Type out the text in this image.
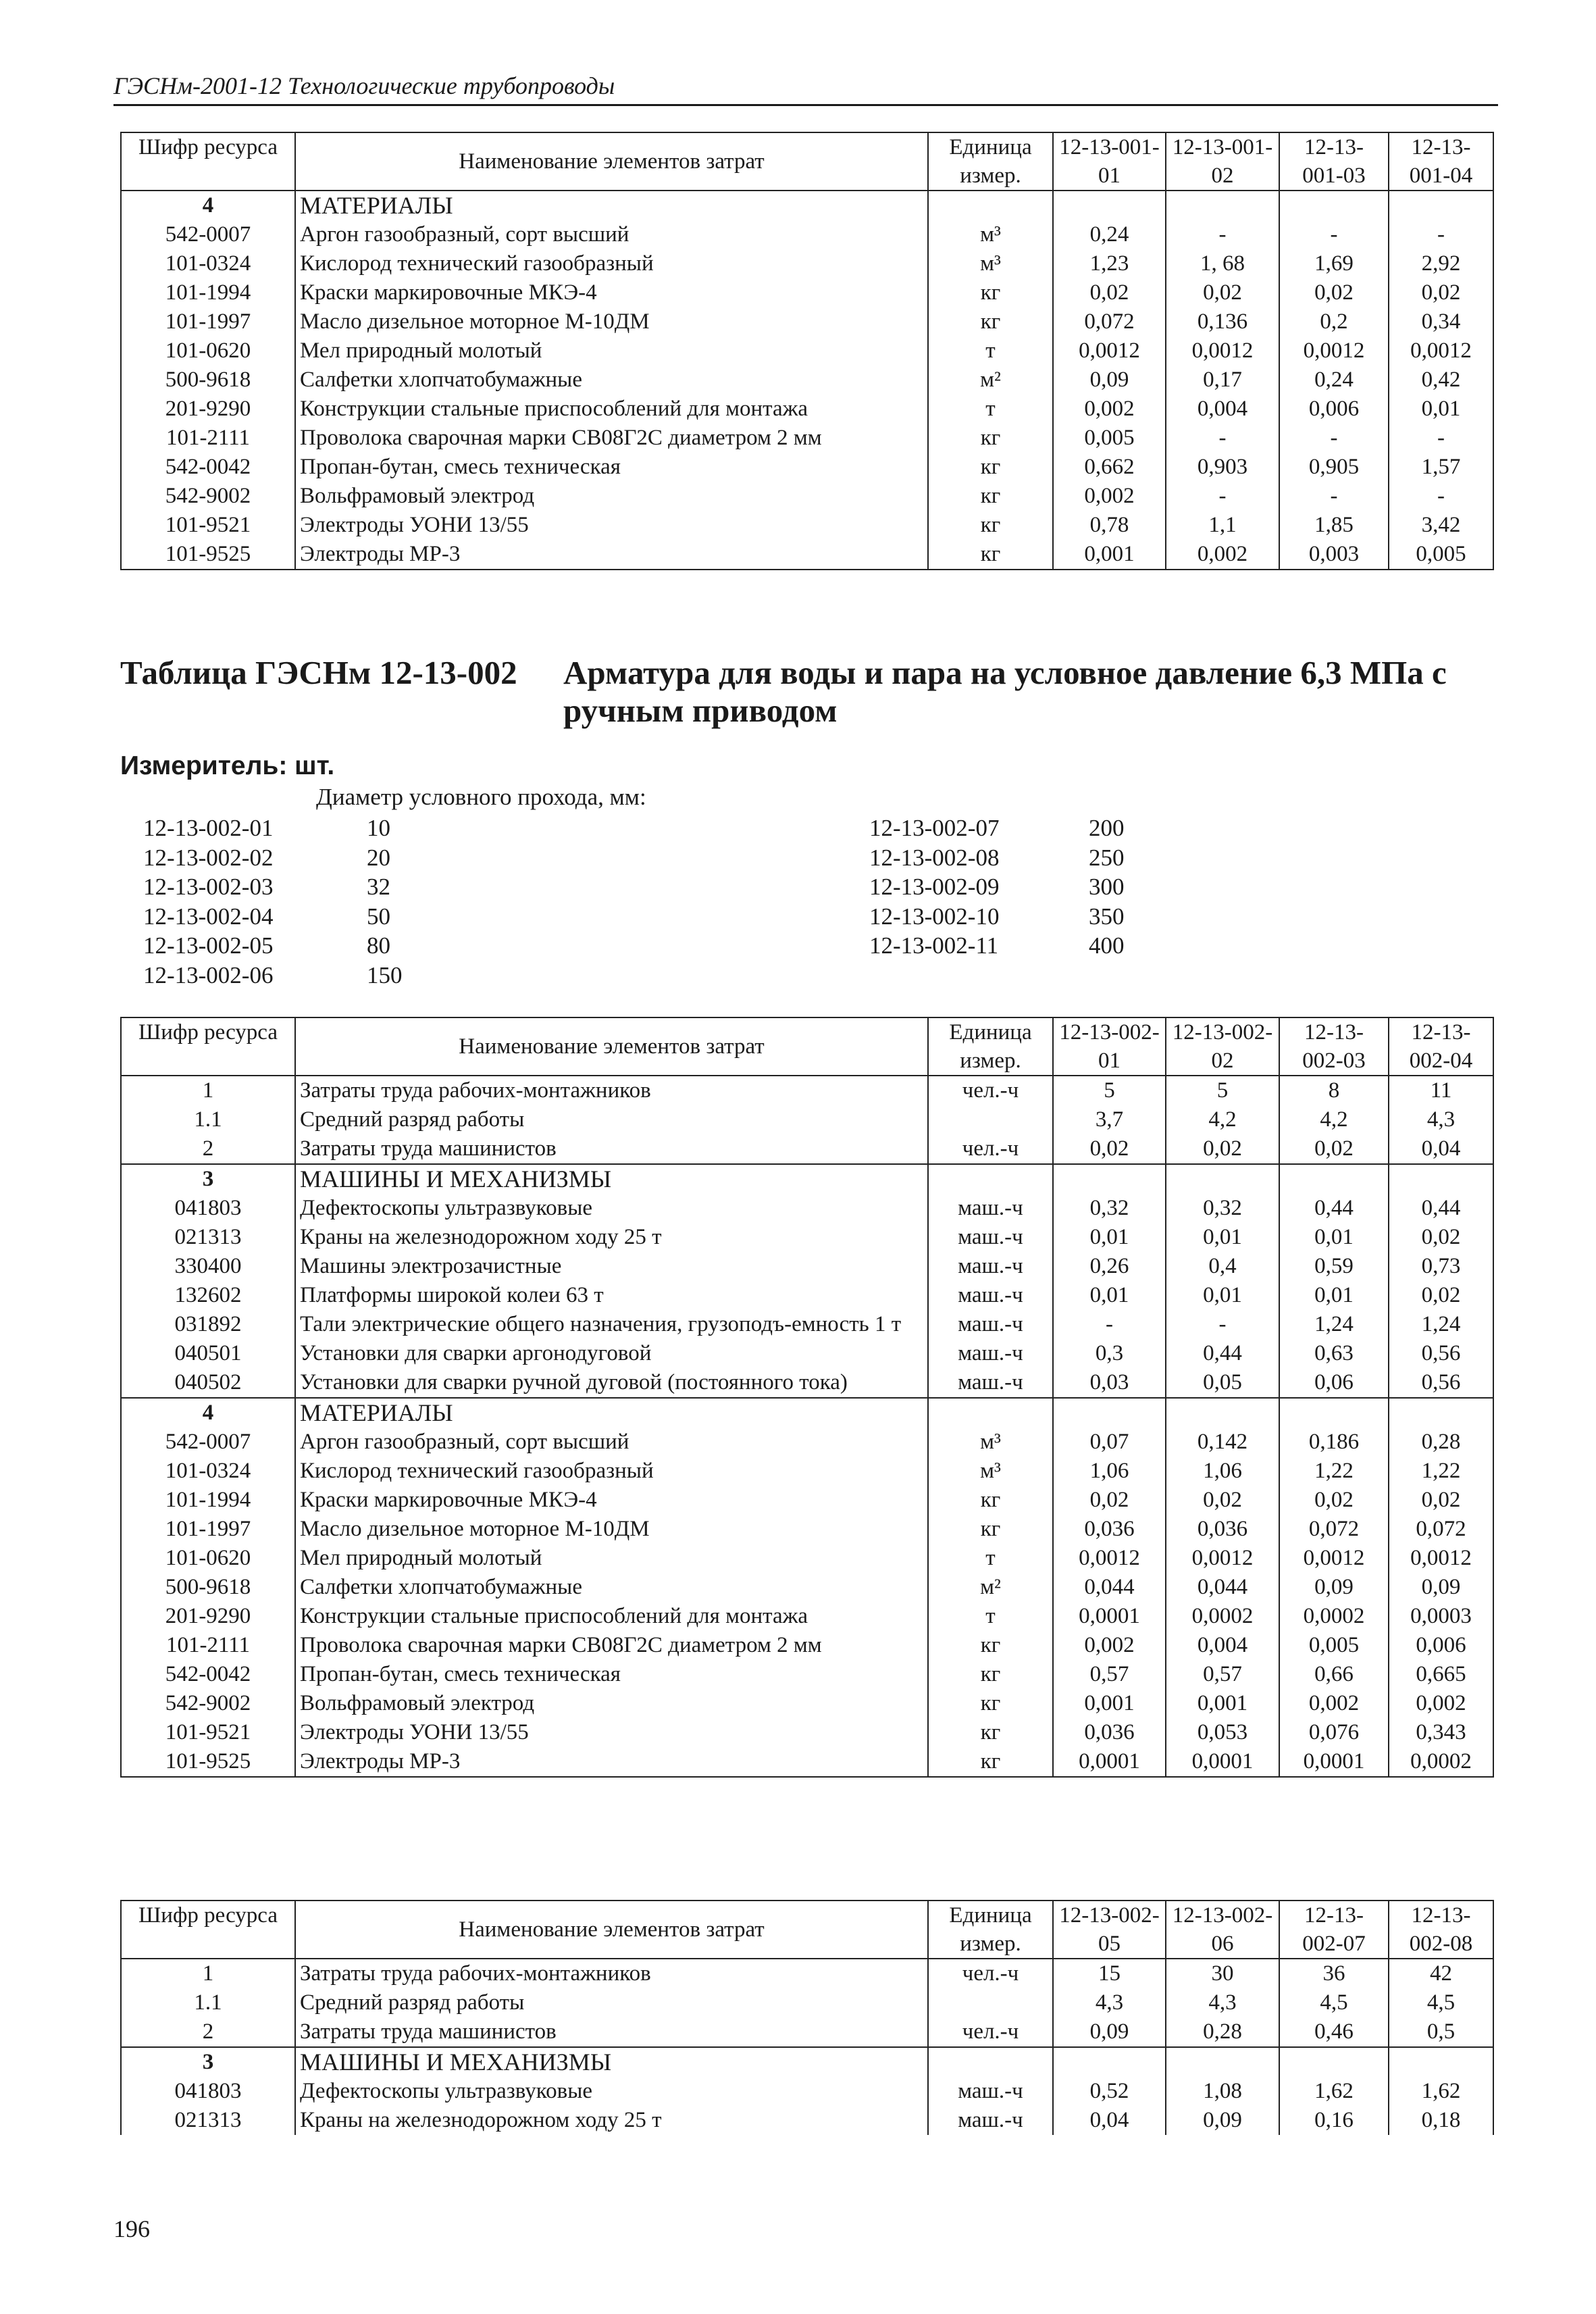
ГЭСНм-2001-12 Технологические трубопроводы
Шифр ресурса	Наименование элементов затрат	Единица измер.	12-13-001-01	12-13-001-02	12-13-001-03	12-13-001-04
4	МАТЕРИАЛЫ					
542-0007	Аргон газообразный, сорт высший	м³	0,24	-	-	-
101-0324	Кислород технический газообразный	м³	1,23	1, 68	1,69	2,92
101-1994	Краски маркировочные МКЭ-4	кг	0,02	0,02	0,02	0,02
101-1997	Масло дизельное моторное М-10ДМ	кг	0,072	0,136	0,2	0,34
101-0620	Мел природный молотый	т	0,0012	0,0012	0,0012	0,0012
500-9618	Салфетки хлопчатобумажные	м²	0,09	0,17	0,24	0,42
201-9290	Конструкции стальные приспособлений для монтажа	т	0,002	0,004	0,006	0,01
101-2111	Проволока сварочная марки СВ08Г2С диаметром 2 мм	кг	0,005	-	-	-
542-0042	Пропан-бутан, смесь техническая	кг	0,662	0,903	0,905	1,57
542-9002	Вольфрамовый электрод	кг	0,002	-	-	-
101-9521	Электроды УОНИ 13/55	кг	0,78	1,1	1,85	3,42
101-9525	Электроды МР-3	кг	0,001	0,002	0,003	0,005
Таблица ГЭСНм 12-13-002 Арматура для воды и пара на условное давление 6,3 МПа с ручным приводом
Измеритель: шт.
Диаметр условного прохода, мм:
12-13-002-01	10
12-13-002-02	20
12-13-002-03	32
12-13-002-04	50
12-13-002-05	80
12-13-002-06	150
12-13-002-07	200
12-13-002-08	250
12-13-002-09	300
12-13-002-10	350
12-13-002-11	400
Шифр ресурса	Наименование элементов затрат	Единица измер.	12-13-002-01	12-13-002-02	12-13-002-03	12-13-002-04
1	Затраты труда рабочих-монтажников	чел.-ч	5	5	8	11
1.1	Средний разряд работы		3,7	4,2	4,2	4,3
2	Затраты труда машинистов	чел.-ч	0,02	0,02	0,02	0,04
3	МАШИНЫ И МЕХАНИЗМЫ					
041803	Дефектоскопы ультразвуковые	маш.-ч	0,32	0,32	0,44	0,44
021313	Краны на железнодорожном ходу 25 т	маш.-ч	0,01	0,01	0,01	0,02
330400	Машины электрозачистные	маш.-ч	0,26	0,4	0,59	0,73
132602	Платформы широкой колеи 63 т	маш.-ч	0,01	0,01	0,01	0,02
031892	Тали электрические общего назначения, грузоподъ-емность 1 т	маш.-ч	-	-	1,24	1,24
040501	Установки для сварки аргонодуговой	маш.-ч	0,3	0,44	0,63	0,56
040502	Установки для сварки ручной дуговой (постоянного тока)	маш.-ч	0,03	0,05	0,06	0,56
4	МАТЕРИАЛЫ					
542-0007	Аргон газообразный, сорт высший	м³	0,07	0,142	0,186	0,28
101-0324	Кислород технический газообразный	м³	1,06	1,06	1,22	1,22
101-1994	Краски маркировочные МКЭ-4	кг	0,02	0,02	0,02	0,02
101-1997	Масло дизельное моторное М-10ДМ	кг	0,036	0,036	0,072	0,072
101-0620	Мел природный молотый	т	0,0012	0,0012	0,0012	0,0012
500-9618	Салфетки хлопчатобумажные	м²	0,044	0,044	0,09	0,09
201-9290	Конструкции стальные приспособлений для монтажа	т	0,0001	0,0002	0,0002	0,0003
101-2111	Проволока сварочная марки СВ08Г2С диаметром 2 мм	кг	0,002	0,004	0,005	0,006
542-0042	Пропан-бутан, смесь техническая	кг	0,57	0,57	0,66	0,665
542-9002	Вольфрамовый электрод	кг	0,001	0,001	0,002	0,002
101-9521	Электроды УОНИ 13/55	кг	0,036	0,053	0,076	0,343
101-9525	Электроды МР-3	кг	0,0001	0,0001	0,0001	0,0002
Шифр ресурса	Наименование элементов затрат	Единица измер.	12-13-002-05	12-13-002-06	12-13-002-07	12-13-002-08
1	Затраты труда рабочих-монтажников	чел.-ч	15	30	36	42
1.1	Средний разряд работы		4,3	4,3	4,5	4,5
2	Затраты труда машинистов	чел.-ч	0,09	0,28	0,46	0,5
3	МАШИНЫ И МЕХАНИЗМЫ					
041803	Дефектоскопы ультразвуковые	маш.-ч	0,52	1,08	1,62	1,62
021313	Краны на железнодорожном ходу 25 т	маш.-ч	0,04	0,09	0,16	0,18
196
